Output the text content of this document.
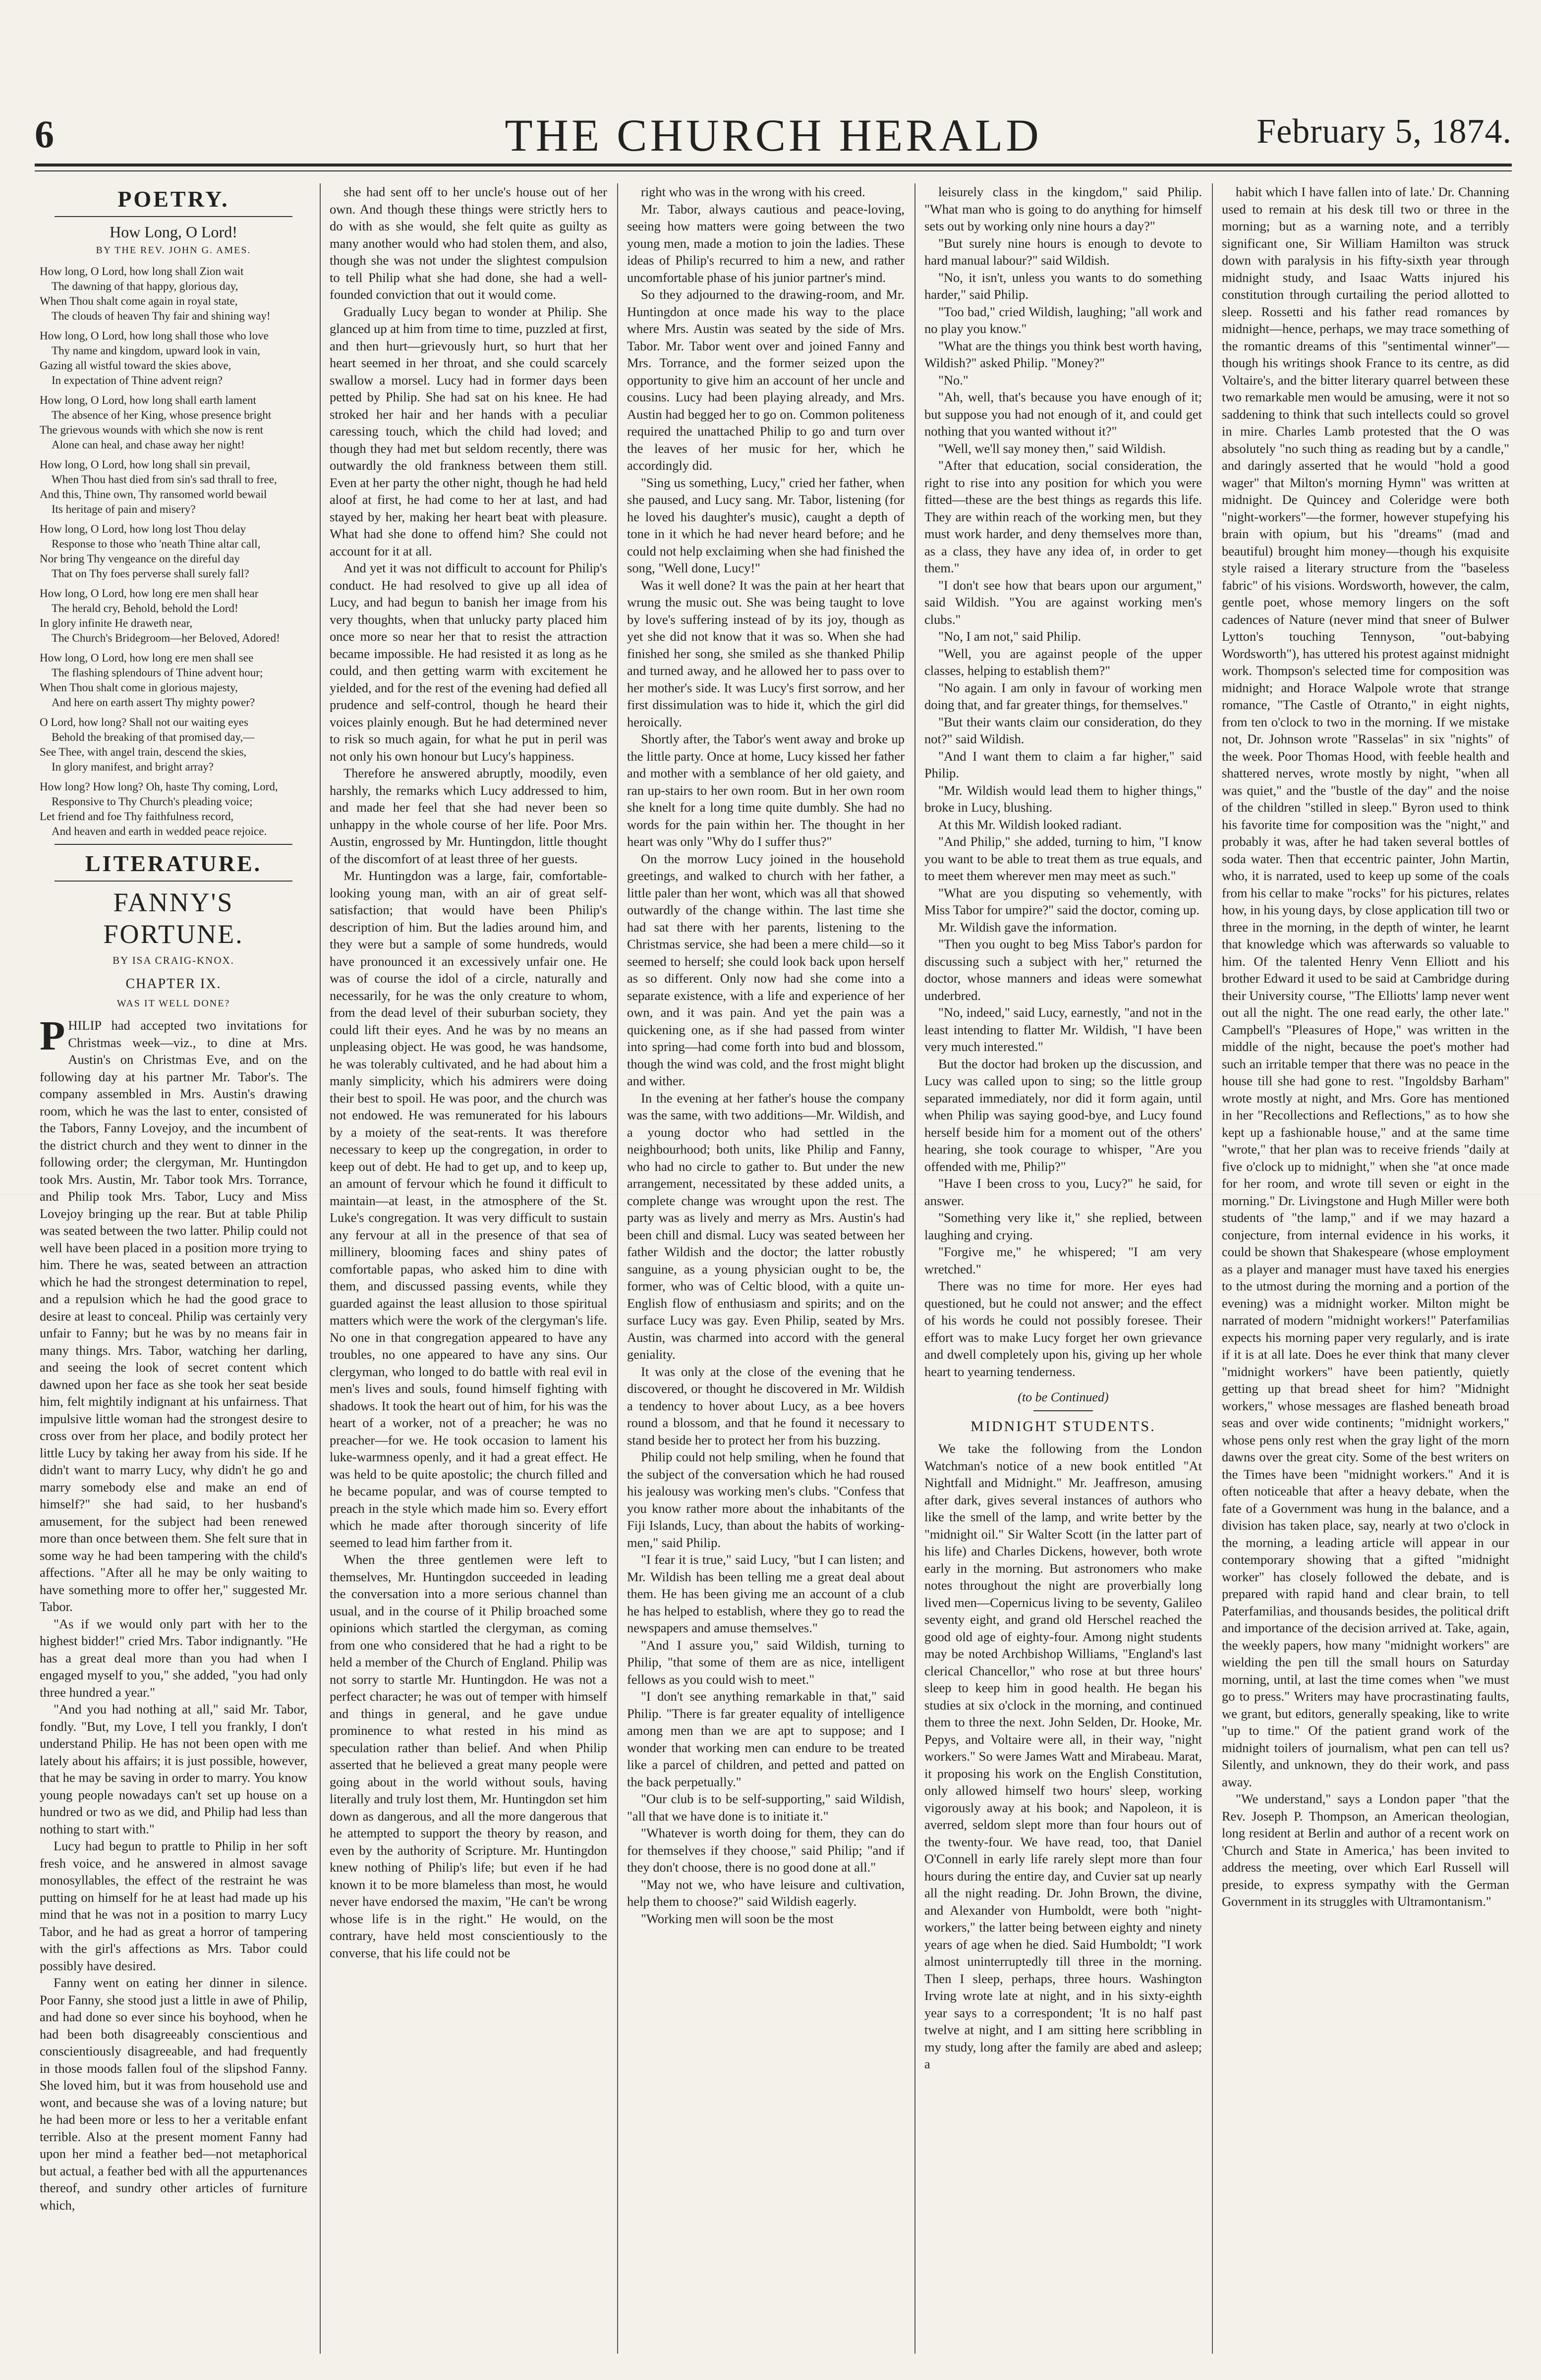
6	THE CHURCH HERALD	February 5, 1874.
POETRY.
How Long, O Lord!
BY THE REV. JOHN G. AMES.
How long, O Lord, how long shall Zion wait
The dawning of that happy, glorious day,
When Thou shalt come again in royal state,
The clouds of heaven Thy fair and shining way!
How long, O Lord, how long shall those who love
Thy name and kingdom, upward look in vain,
Gazing all wistful toward the skies above,
In expectation of Thine advent reign?
How long, O Lord, how long shall earth lament
The absence of her King, whose presence bright
The grievous wounds with which she now is rent
Alone can heal, and chase away her night!
How long, O Lord, how long shall sin prevail,
When Thou hast died from sin's sad thrall to free,
And this, Thine own, Thy ransomed world bewail
Its heritage of pain and misery?
How long, O Lord, how long lost Thou delay
Response to those who 'neath Thine altar call,
Nor bring Thy vengeance on the direful day
That on Thy foes perverse shall surely fall?
How long, O Lord, how long ere men shall hear
The herald cry, Behold, behold the Lord!
In glory infinite He draweth near,
The Church's Bridegroom—her Beloved, Adored!
How long, O Lord, how long ere men shall see
The flashing splendours of Thine advent hour;
When Thou shalt come in glorious majesty,
And here on earth assert Thy mighty power?
O Lord, how long? Shall not our waiting eyes
Behold the breaking of that promised day,—
See Thee, with angel train, descend the skies,
In glory manifest, and bright array?
How long? How long? Oh, haste Thy coming, Lord,
Responsive to Thy Church's pleading voice;
Let friend and foe Thy faithfulness record,
And heaven and earth in wedded peace rejoice.
LITERATURE.
FANNY'S FORTUNE.
BY ISA CRAIG-KNOX.
CHAPTER IX.
WAS IT WELL DONE?

PHILIP had accepted two invitations for Christmas week—viz., to dine at Mrs. Austin's on Christmas Eve, and on the following day at his partner Mr. Tabor's. The company assembled in Mrs. Austin's drawing room, which he was the last to enter, consisted of the Tabors, Fanny Lovejoy, and the incumbent of the district church and they went to dinner in the following order; the clergyman, Mr. Huntingdon took Mrs. Austin, Mr. Tabor took Mrs. Torrance, and Philip took Mrs. Tabor, Lucy and Miss Lovejoy bringing up the rear. But at table Philip was seated between the two latter. Philip could not well have been placed in a position more trying to him. There he was, seated between an attraction which he had the strongest determination to repel, and a repulsion which he had the good grace to desire at least to conceal. Philip was certainly very unfair to Fanny; but he was by no means fair in many things. Mrs. Tabor, watching her darling, and seeing the look of secret content which dawned upon her face as she took her seat beside him, felt mightily indignant at his unfairness. That impulsive little woman had the strongest desire to cross over from her place, and bodily protect her little Lucy by taking her away from his side. If he didn't want to marry Lucy, why didn't he go and marry somebody else and make an end of himself?" she had said, to her husband's amusement, for the subject had been renewed more than once between them. She felt sure that in some way he had been tampering with the child's affections. "After all he may be only waiting to have something more to offer her," suggested Mr. Tabor.

"As if we would only part with her to the highest bidder!" cried Mrs. Tabor indignantly. "He has a great deal more than you had when I engaged myself to you," she added, "you had only three hundred a year."

"And you had nothing at all," said Mr. Tabor, fondly. "But, my Love, I tell you frankly, I don't understand Philip. He has not been open with me lately about his affairs; it is just possible, however, that he may be saving in order to marry. You know young people nowadays can't set up house on a hundred or two as we did, and Philip had less than nothing to start with."

Lucy had begun to prattle to Philip in her soft fresh voice, and he answered in almost savage monosyllables, the effect of the restraint he was putting on himself for he at least had made up his mind that he was not in a position to marry Lucy Tabor, and he had as great a horror of tampering with the girl's affections as Mrs. Tabor could possibly have desired.

Fanny went on eating her dinner in silence. Poor Fanny, she stood just a little in awe of Philip, and had done so ever since his boyhood, when he had been both disagreeably conscientious and conscientiously disagreeable, and had frequently in those moods fallen foul of the slipshod Fanny. She loved him, but it was from household use and wont, and because she was of a loving nature; but he had been more or less to her a veritable enfant terrible. Also at the present moment Fanny had upon her mind a feather bed—not metaphorical but actual, a feather bed with all the appurtenances thereof, and sundry other articles of furniture which,

she had sent off to her uncle's house out of her own. And though these things were strictly hers to do with as she would, she felt quite as guilty as many another would who had stolen them, and also, though she was not under the slightest compulsion to tell Philip what she had done, she had a well-founded conviction that out it would come.

Gradually Lucy began to wonder at Philip. She glanced up at him from time to time, puzzled at first, and then hurt—grievously hurt, so hurt that her heart seemed in her throat, and she could scarcely swallow a morsel. Lucy had in former days been petted by Philip. She had sat on his knee. He had stroked her hair and her hands with a peculiar caressing touch, which the child had loved; and though they had met but seldom recently, there was outwardly the old frankness between them still. Even at her party the other night, though he had held aloof at first, he had come to her at last, and had stayed by her, making her heart beat with pleasure. What had she done to offend him? She could not account for it at all.

And yet it was not difficult to account for Philip's conduct. He had resolved to give up all idea of Lucy, and had begun to banish her image from his very thoughts, when that unlucky party placed him once more so near her that to resist the attraction became impossible. He had resisted it as long as he could, and then getting warm with excitement he yielded, and for the rest of the evening had defied all prudence and self-control, though he heard their voices plainly enough. But he had determined never to risk so much again, for what he put in peril was not only his own honour but Lucy's happiness.

Therefore he answered abruptly, moodily, even harshly, the remarks which Lucy addressed to him, and made her feel that she had never been so unhappy in the whole course of her life. Poor Mrs. Austin, engrossed by Mr. Huntingdon, little thought of the discomfort of at least three of her guests.

Mr. Huntingdon was a large, fair, comfortable-looking young man, with an air of great self-satisfaction; that would have been Philip's description of him. But the ladies around him, and they were but a sample of some hundreds, would have pronounced it an excessively unfair one. He was of course the idol of a circle, naturally and necessarily, for he was the only creature to whom, from the dead level of their suburban society, they could lift their eyes. And he was by no means an unpleasing object. He was good, he was handsome, he was tolerably cultivated, and he had about him a manly simplicity, which his admirers were doing their best to spoil. He was poor, and the church was not endowed. He was remunerated for his labours by a moiety of the seat-rents. It was therefore necessary to keep up the congregation, in order to keep out of debt. He had to get up, and to keep up, an amount of fervour which he found it difficult to maintain—at least, in the atmosphere of the St. Luke's congregation. It was very difficult to sustain any fervour at all in the presence of that sea of millinery, blooming faces and shiny pates of comfortable papas, who asked him to dine with them, and discussed passing events, while they guarded against the least allusion to those spiritual matters which were the work of the clergyman's life. No one in that congregation appeared to have any troubles, no one appeared to have any sins. Our clergyman, who longed to do battle with real evil in men's lives and souls, found himself fighting with shadows. It took the heart out of him, for his was the heart of a worker, not of a preacher; he was no preacher—for we. He took occasion to lament his luke-warmness openly, and it had a great effect. He was held to be quite apostolic; the church filled and he became popular, and was of course tempted to preach in the style which made him so. Every effort which he made after thorough sincerity of life seemed to lead him farther from it.

When the three gentlemen were left to themselves, Mr. Huntingdon succeeded in leading the conversation into a more serious channel than usual, and in the course of it Philip broached some opinions which startled the clergyman, as coming from one who considered that he had a right to be held a member of the Church of England. Philip was not sorry to startle Mr. Huntingdon. He was not a perfect character; he was out of temper with himself and things in general, and he gave undue prominence to what rested in his mind as speculation rather than belief. And when Philip asserted that he believed a great many people were going about in the world without souls, having literally and truly lost them, Mr. Huntingdon set him down as dangerous, and all the more dangerous that he attempted to support the theory by reason, and even by the authority of Scripture. Mr. Huntingdon knew nothing of Philip's life; but even if he had known it to be more blameless than most, he would never have endorsed the maxim, "He can't be wrong whose life is in the right." He would, on the contrary, have held most conscientiously to the converse, that his life could not be

right who was in the wrong with his creed.

Mr. Tabor, always cautious and peace-loving, seeing how matters were going between the two young men, made a motion to join the ladies. These ideas of Philip's recurred to him a new, and rather uncomfortable phase of his junior partner's mind.

So they adjourned to the drawing-room, and Mr. Huntingdon at once made his way to the place where Mrs. Austin was seated by the side of Mrs. Tabor. Mr. Tabor went over and joined Fanny and Mrs. Torrance, and the former seized upon the opportunity to give him an account of her uncle and cousins. Lucy had been playing already, and Mrs. Austin had begged her to go on. Common politeness required the unattached Philip to go and turn over the leaves of her music for her, which he accordingly did.

"Sing us something, Lucy," cried her father, when she paused, and Lucy sang. Mr. Tabor, listening (for he loved his daughter's music), caught a depth of tone in it which he had never heard before; and he could not help exclaiming when she had finished the song, "Well done, Lucy!"

Was it well done? It was the pain at her heart that wrung the music out. She was being taught to love by love's suffering instead of by its joy, though as yet she did not know that it was so. When she had finished her song, she smiled as she thanked Philip and turned away, and he allowed her to pass over to her mother's side. It was Lucy's first sorrow, and her first dissimulation was to hide it, which the girl did heroically.

Shortly after, the Tabor's went away and broke up the little party. Once at home, Lucy kissed her father and mother with a semblance of her old gaiety, and ran up-stairs to her own room. But in her own room she knelt for a long time quite dumbly. She had no words for the pain within her. The thought in her heart was only "Why do I suffer thus?"

On the morrow Lucy joined in the household greetings, and walked to church with her father, a little paler than her wont, which was all that showed outwardly of the change within. The last time she had sat there with her parents, listening to the Christmas service, she had been a mere child—so it seemed to herself; she could look back upon herself as so different. Only now had she come into a separate existence, with a life and experience of her own, and it was pain. And yet the pain was a quickening one, as if she had passed from winter into spring—had come forth into bud and blossom, though the wind was cold, and the frost might blight and wither.

In the evening at her father's house the company was the same, with two additions—Mr. Wildish, and a young doctor who had settled in the neighbourhood; both units, like Philip and Fanny, who had no circle to gather to. But under the new arrangement, necessitated by these added units, a complete change was wrought upon the rest. The party was as lively and merry as Mrs. Austin's had been chill and dismal. Lucy was seated between her father Wildish and the doctor; the latter robustly sanguine, as a young physician ought to be, the former, who was of Celtic blood, with a quite un-English flow of enthusiasm and spirits; and on the surface Lucy was gay. Even Philip, seated by Mrs. Austin, was charmed into accord with the general geniality.

It was only at the close of the evening that he discovered, or thought he discovered in Mr. Wildish a tendency to hover about Lucy, as a bee hovers round a blossom, and that he found it necessary to stand beside her to protect her from his buzzing.

Philip could not help smiling, when he found that the subject of the conversation which he had roused his jealousy was working men's clubs. "Confess that you know rather more about the inhabitants of the Fiji Islands, Lucy, than about the habits of working-men," said Philip.

"I fear it is true," said Lucy, "but I can listen; and Mr. Wildish has been telling me a great deal about them. He has been giving me an account of a club he has helped to establish, where they go to read the newspapers and amuse themselves."

"And I assure you," said Wildish, turning to Philip, "that some of them are as nice, intelligent fellows as you could wish to meet."

"I don't see anything remarkable in that," said Philip. "There is far greater equality of intelligence among men than we are apt to suppose; and I wonder that working men can endure to be treated like a parcel of children, and petted and patted on the back perpetually."

"Our club is to be self-supporting," said Wildish, "all that we have done is to initiate it."

"Whatever is worth doing for them, they can do for themselves if they choose," said Philip; "and if they don't choose, there is no good done at all."

"May not we, who have leisure and cultivation, help them to choose?" said Wildish eagerly.

"Working men will soon be the most

leisurely class in the kingdom," said Philip. "What man who is going to do anything for himself sets out by working only nine hours a day?"

"But surely nine hours is enough to devote to hard manual labour?" said Wildish.

"No, it isn't, unless you wants to do something harder," said Philip.

"Too bad," cried Wildish, laughing; "all work and no play you know."

"What are the things you think best worth having, Wildish?" asked Philip. "Money?"

"No."

"Ah, well, that's because you have enough of it; but suppose you had not enough of it, and could get nothing that you wanted without it?"

"Well, we'll say money then," said Wildish.

"After that education, social consideration, the right to rise into any position for which you were fitted—these are the best things as regards this life. They are within reach of the working men, but they must work harder, and deny themselves more than, as a class, they have any idea of, in order to get them."

"I don't see how that bears upon our argument," said Wildish. "You are against working men's clubs."

"No, I am not," said Philip.

"Well, you are against people of the upper classes, helping to establish them?"

"No again. I am only in favour of working men doing that, and far greater things, for themselves."

"But their wants claim our consideration, do they not?" said Wildish.

"And I want them to claim a far higher," said Philip.

"Mr. Wildish would lead them to higher things," broke in Lucy, blushing.

At this Mr. Wildish looked radiant.

"And Philip," she added, turning to him, "I know you want to be able to treat them as true equals, and to meet them wherever men may meet as such."

"What are you disputing so vehemently, with Miss Tabor for umpire?" said the doctor, coming up.

Mr. Wildish gave the information.

"Then you ought to beg Miss Tabor's pardon for discussing such a subject with her," returned the doctor, whose manners and ideas were somewhat underbred.

"No, indeed," said Lucy, earnestly, "and not in the least intending to flatter Mr. Wildish, "I have been very much interested."

But the doctor had broken up the discussion, and Lucy was called upon to sing; so the little group separated immediately, nor did it form again, until when Philip was saying good-bye, and Lucy found herself beside him for a moment out of the others' hearing, she took courage to whisper, "Are you offended with me, Philip?"

"Have I been cross to you, Lucy?" he said, for answer.

"Something very like it," she replied, between laughing and crying.

"Forgive me," he whispered; "I am very wretched."

There was no time for more. Her eyes had questioned, but he could not answer; and the effect of his words he could not possibly foresee. Their effort was to make Lucy forget her own grievance and dwell completely upon his, giving up her whole heart to yearning tenderness.

(to be Continued)
MIDNIGHT STUDENTS.

We take the following from the London Watchman's notice of a new book entitled "At Nightfall and Midnight." Mr. Jeaffreson, amusing after dark, gives several instances of authors who like the smell of the lamp, and write better by the "midnight oil." Sir Walter Scott (in the latter part of his life) and Charles Dickens, however, both wrote early in the morning. But astronomers who make notes throughout the night are proverbially long lived men—Copernicus living to be seventy, Galileo seventy eight, and grand old Herschel reached the good old age of eighty-four. Among night students may be noted Archbishop Williams, "England's last clerical Chancellor," who rose at but three hours' sleep to keep him in good health. He began his studies at six o'clock in the morning, and continued them to three the next. John Selden, Dr. Hooke, Mr. Pepys, and Voltaire were all, in their way, "night workers." So were James Watt and Mirabeau. Marat, it proposing his work on the English Constitution, only allowed himself two hours' sleep, working vigorously away at his book; and Napoleon, it is averred, seldom slept more than four hours out of the twenty-four. We have read, too, that Daniel O'Connell in early life rarely slept more than four hours during the entire day, and Cuvier sat up nearly all the night reading. Dr. John Brown, the divine, and Alexander von Humboldt, were both "night-workers," the latter being between eighty and ninety years of age when he died. Said Humboldt; "I work almost uninterruptedly till three in the morning. Then I sleep, perhaps, three hours. Washington Irving wrote late at night, and in his sixty-eighth year says to a correspondent; 'It is no half past twelve at night, and I am sitting here scribbling in my study, long after the family are abed and asleep; a

habit which I have fallen into of late.' Dr. Channing used to remain at his desk till two or three in the morning; but as a warning note, and a terribly significant one, Sir William Hamilton was struck down with paralysis in his fifty-sixth year through midnight study, and Isaac Watts injured his constitution through curtailing the period allotted to sleep. Rossetti and his father read romances by midnight—hence, perhaps, we may trace something of the romantic dreams of this "sentimental winner"—though his writings shook France to its centre, as did Voltaire's, and the bitter literary quarrel between these two remarkable men would be amusing, were it not so saddening to think that such intellects could so grovel in mire. Charles Lamb protested that the O was absolutely "no such thing as reading but by a candle," and daringly asserted that he would "hold a good wager" that Milton's morning Hymn" was written at midnight. De Quincey and Coleridge were both "night-workers"—the former, however stupefying his brain with opium, but his "dreams" (mad and beautiful) brought him money—though his exquisite style raised a literary structure from the "baseless fabric" of his visions. Wordsworth, however, the calm, gentle poet, whose memory lingers on the soft cadences of Nature (never mind that sneer of Bulwer Lytton's touching Tennyson, "out-babying Wordsworth"), has uttered his protest against midnight work. Thompson's selected time for composition was midnight; and Horace Walpole wrote that strange romance, "The Castle of Otranto," in eight nights, from ten o'clock to two in the morning. If we mistake not, Dr. Johnson wrote "Rasselas" in six "nights" of the week. Poor Thomas Hood, with feeble health and shattered nerves, wrote mostly by night, "when all was quiet," and the "bustle of the day" and the noise of the children "stilled in sleep." Byron used to think his favorite time for composition was the "night," and probably it was, after he had taken several bottles of soda water. Then that eccentric painter, John Martin, who, it is narrated, used to keep up some of the coals from his cellar to make "rocks" for his pictures, relates how, in his young days, by close application till two or three in the morning, in the depth of winter, he learnt that knowledge which was afterwards so valuable to him. Of the talented Henry Venn Elliott and his brother Edward it used to be said at Cambridge during their University course, "The Elliotts' lamp never went out all the night. The one read early, the other late." Campbell's "Pleasures of Hope," was written in the middle of the night, because the poet's mother had such an irritable temper that there was no peace in the house till she had gone to rest. "Ingoldsby Barham" wrote mostly at night, and Mrs. Gore has mentioned in her "Recollections and Reflections," as to how she kept up a fashionable house," and at the same time "wrote," that her plan was to receive friends "daily at five o'clock up to midnight," when she "at once made for her room, and wrote till seven or eight in the morning." Dr. Livingstone and Hugh Miller were both students of "the lamp," and if we may hazard a conjecture, from internal evidence in his works, it could be shown that Shakespeare (whose employment as a player and manager must have taxed his energies to the utmost during the morning and a portion of the evening) was a midnight worker. Milton might be narrated of modern "midnight workers!" Paterfamilias expects his morning paper very regularly, and is irate if it is at all late. Does he ever think that many clever "midnight workers" have been patiently, quietly getting up that bread sheet for him? "Midnight workers," whose messages are flashed beneath broad seas and over wide continents; "midnight workers," whose pens only rest when the gray light of the morn dawns over the great city. Some of the best writers on the Times have been "midnight workers." And it is often noticeable that after a heavy debate, when the fate of a Government was hung in the balance, and a division has taken place, say, nearly at two o'clock in the morning, a leading article will appear in our contemporary showing that a gifted "midnight worker" has closely followed the debate, and is prepared with rapid hand and clear brain, to tell Paterfamilias, and thousands besides, the political drift and importance of the decision arrived at. Take, again, the weekly papers, how many "midnight workers" are wielding the pen till the small hours on Saturday morning, until, at last the time comes when "we must go to press." Writers may have procrastinating faults, we grant, but editors, generally speaking, like to write "up to time." Of the patient grand work of the midnight toilers of journalism, what pen can tell us? Silently, and unknown, they do their work, and pass away.

"We understand," says a London paper "that the Rev. Joseph P. Thompson, an American theologian, long resident at Berlin and author of a recent work on 'Church and State in America,' has been invited to address the meeting, over which Earl Russell will preside, to express sympathy with the German Government in its struggles with Ultramontanism."
